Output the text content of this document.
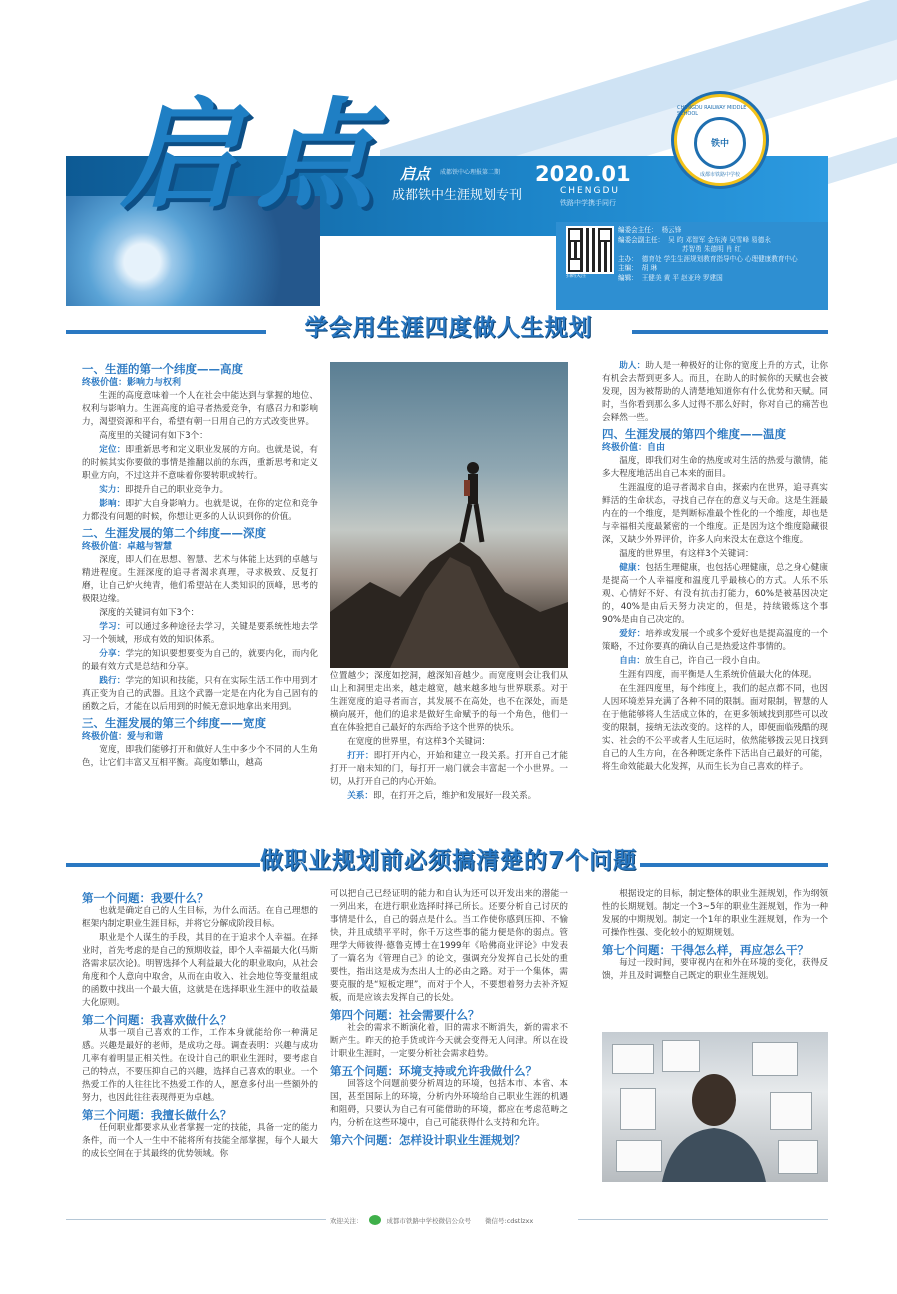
启点 启点 成都铁中心理报第二期
成都铁中生涯规划专刊
2020.01
CHENGDU
铁路中学携手同行
CHENGDU RAILWAY MIDDLE SCHOOL
铁中
成都市铁路中学校
扫码关注
编委会主任： 杨云锋
编委会副主任： 吴 昀 邓智军 金东涛 吴雪峰 易德永
苏智勇 朱德明 肖 红
主办： 德育处 学生生涯规划教育指导中心 心理健康教育中心
主编： 胡 琳
编辑： 王健美 黄 平 赵亚玲 罗建国
学会用生涯四度做人生规划
一、生涯的第一个纬度——高度
终极价值：影响力与权利

生涯的高度意味着一个人在社会中能达到与掌握的地位、权利与影响力。生涯高度的追寻者热爱竞争，有感召力和影响力，渴望资源和平台，希望有朝一日用自己的方式改变世界。

高度里的关键词有如下3个：

定位：即重新思考和定义职业发展的方向。也就是说，有的时候其实你要做的事情是推翻以前的东西，重新思考和定义职业方向，不过这并不意味着你要转职或转行。

实力：即提升自己的职业竞争力。

影响：即扩大自身影响力。也就是说，在你的定位和竞争力都没有问题的时候，你想让更多的人认识到你的价值。

二、生涯发展的第二个纬度——深度
终极价值：卓越与智慧

深度，即人们在思想、智慧、艺术与体能上达到的卓越与精进程度。生涯深度的追寻者渴求真理，寻求极致、反复打磨，让自己炉火纯青，他们希望站在人类知识的顶峰，思考的极限边缘。

深度的关键词有如下3个：

学习：可以通过多种途径去学习，关键是要系统性地去学习一个领域，形成有效的知识体系。

分享：学完的知识要想要变为自己的，就要内化，而内化的最有效方式是总结和分享。

践行：学完的知识和技能，只有在实际生活工作中用到才真正变为自己的武器。且这个武器一定是在内化为自己固有的函数之后，才能在以后用到的时候无意识地拿出来用到。

三、生涯发展的第三个纬度——宽度
终极价值：爱与和谐

宽度，即我们能够打开和做好人生中多少个不同的人生角色，让它们丰富又互相平衡。高度如攀山，越高

位置越少；深度如挖洞，越深知音越少。而宽度则会让我们从山上和洞里走出来，越走越宽，越来越多地与世界联系。对于生涯宽度的追寻者而言，其发展不在高处，也不在深处，而是横向展开，他们的追求是做好生命赋予的每一个角色，他们一直在体验把自己最好的东西给予这个世界的快乐。

在宽度的世界里，有这样3个关键词：

打开：即打开内心，开始和建立一段关系。打开自己才能打开一扇未知的门，每打开一扇门就会丰富起一个小世界。一切，从打开自己的内心开始。

关系：即，在打开之后，维护和发展好一段关系。

助人：助人是一种极好的让你的宽度上升的方式，让你有机会去帮到更多人。而且，在助人的时候你的天赋也会被发现，因为被帮助的人清楚地知道你有什么优势和天赋。同时，当你看到那么多人过得不那么好时，你对自己的痛苦也会释然一些。

四、生涯发展的第四个维度——温度
终极价值：自由

温度，即我们对生命的热度或对生活的热爱与激情，能多大程度地活出自己本来的面目。

生涯温度的追寻者渴求自由，探索内在世界，追寻真实鲜活的生命状态，寻找自己存在的意义与天命。这是生涯最内在的一个维度，是判断标准最个性化的一个维度，却也是与幸福相关度最紧密的一个维度。正是因为这个维度隐藏很深，又缺少外界评价，许多人向来没太在意这个维度。

温度的世界里，有这样3个关键词：

健康：包括生理健康，也包括心理健康，总之身心健康是提高一个人幸福度和温度几乎最核心的方式。人乐不乐观、心情好不好、有没有抗击打能力，60%是被基因决定的，40%是由后天努力决定的，但是，持续锻炼这个事90%是由自己决定的。

爱好：培养或发展一个或多个爱好也是提高温度的一个策略，不过你要真的确认自己是热爱这件事情的。

自由：放生自己，许自己一段小自由。

生涯有四度，而平衡是人生系统价值最大化的体现。

在生涯四度里，每个纬度上，我们的起点都不同，也因人因环境差异充满了各种不同的限制。面对限制，智慧的人在于他能够将人生活成立体的，在更多领域找到那些可以改变的限制，接纳无法改变的。这样的人，即便面临残酷的现实、社会的不公平或者人生厄运时，依然能够拨云见日找到自己的人生方向，在各种既定条件下活出自己最好的可能，将生命效能最大化发挥，从而生长为自己喜欢的样子。

做职业规划前必须搞清楚的7个问题
第一个问题：我要什么？

也就是确定自己的人生目标，为什么而活。在自己理想的框架内制定职业生涯目标，并将它分解成阶段目标。

职业是个人谋生的手段，其目的在于追求个人幸福。在择业时，首先考虑的是自己的预期收益，即个人幸福最大化(马斯洛需求层次论)。明智选择个人利益最大化的职业取向，从社会角度和个人意向中取舍，从而在由收入、社会地位等变量组成的函数中找出一个最大值，这就是在选择职业生涯中的收益最大化原则。

第二个问题：我喜欢做什么？

从事一项自己喜欢的工作，工作本身就能给你一种满足感。兴趣是最好的老师，是成功之母。调查表明：兴趣与成功几率有着明显正相关性。在设计自己的职业生涯时，要考虑自己的特点，不要压抑自己的兴趣，选择自己喜欢的职业。一个热爱工作的人往往比不热爱工作的人，愿意多付出一些额外的努力，也因此往往表现得更为卓越。

第三个问题：我擅长做什么？

任何职业都要求从业者掌握一定的技能，具备一定的能力条件，而一个人一生中不能将所有技能全部掌握，每个人最大的成长空间在于其最终的优势领域。你

可以把自己已经证明的能力和自认为还可以开发出来的潜能一一列出来，在进行职业选择时择己所长。还要分析自己讨厌的事情是什么，自己的弱点是什么。当工作使你感到压抑、不愉快，并且成绩平平时，你千万这些事的能力便是你的弱点。管理学大师彼得·德鲁克博士在1999年《哈佛商业评论》中发表了一篇名为《管理自己》的论文，强调充分发挥自己长处的重要性，指出这是成为杰出人士的必由之路。对于一个集体，需要克服的是“短板定理”，而对于个人，不要想着努力去补齐短板，而是应该去发挥自己的长处。

第四个问题：社会需要什么？

社会的需求不断演化着，旧的需求不断消失，新的需求不断产生。昨天的抢手货或许今天就会变得无人问津。所以在设计职业生涯时，一定要分析社会需求趋势。

第五个问题：环境支持或允许我做什么？

回答这个问题前要分析周边的环境，包括本市、本省、本国，甚至国际上的环境，分析内外环境给自己职业生涯的机遇和阻碍，只要认为自己有可能借助的环境，都应在考虑范畴之内，分析在这些环境中，自己可能获得什么支持和允许。

第六个问题：怎样设计职业生涯规划？

根据设定的目标，制定整体的职业生涯规划，作为纲领性的长期规划。制定一个3~5年的职业生涯规划，作为一种发展的中期规划。制定一个1年的职业生涯规划，作为一个可操作性强、变化较小的短期规划。

第七个问题：干得怎么样，再应怎么干？

每过一段时间，要审视内在和外在环境的变化，获得反馈，并且及时调整自己既定的职业生涯规划。

欢迎关注：	成都市铁路中学校微信公众号 微信号:cdstlzxx
